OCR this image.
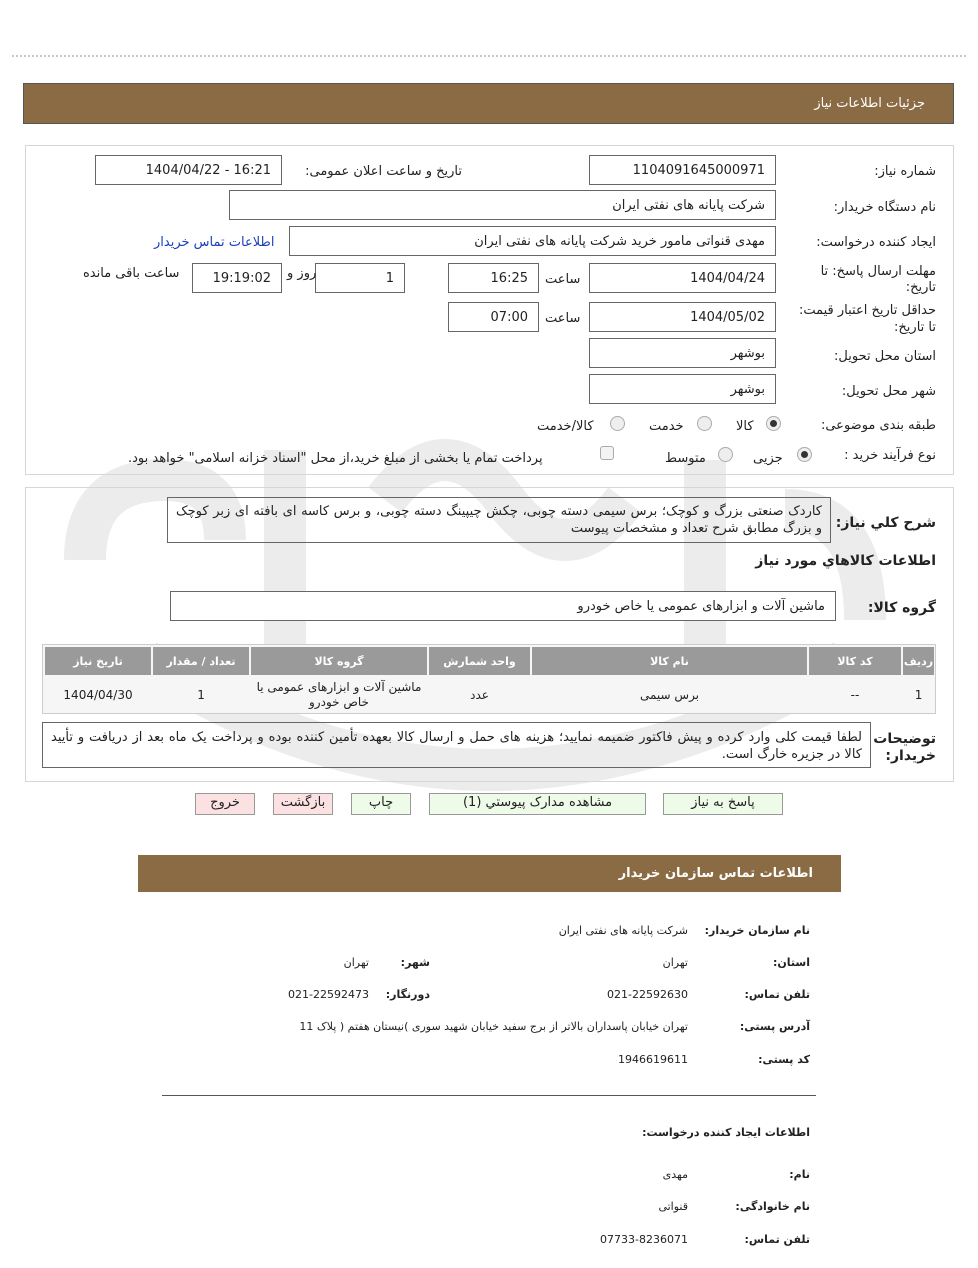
جزئیات اطلاعات نیاز
شماره نیاز:
1104091645000971
تاریخ و ساعت اعلان عمومی:
1404/04/22 - 16:21
نام دستگاه خریدار:
شرکت پایانه های نفتی ایران
ایجاد کننده درخواست:
مهدی قنواتی مامور خرید شرکت پایانه های نفتی ایران
اطلاعات تماس خریدار
مهلت ارسال پاسخ: تا
تاریخ:
1404/04/24
ساعت
16:25
1
روز و
19:19:02
ساعت باقی مانده
حداقل تاریخ اعتبار قیمت:
تا تاریخ:
1404/05/02
ساعت
07:00
استان محل تحویل:
بوشهر
شهر محل تحویل:
بوشهر
طبقه بندی موضوعی:
کالا
خدمت
کالا/خدمت
نوع فرآیند خرید :
جزیی
متوسط
پرداخت تمام یا بخشی از مبلغ خرید،از محل "اسناد خزانه اسلامی" خواهد بود.
شرح کلي نياز:
کاردک صنعتی بزرگ و کوچک؛ برس سیمی دسته چوبی، چکش چیپینگ دسته چوبی، و برس کاسه ای بافته ای زبر کوچک و بزرگ مطابق شرح تعداد و مشخصات پیوست
اطلاعات کالاهاي مورد نياز
گروه کالا:
ماشین آلات و ابزارهای عمومی یا خاص خودرو
رديف
کد کالا
نام کالا
واحد شمارش
گروه کالا
تعداد / مقدار
تاریخ نیاز
1
--
برس سیمی
عدد
ماشین آلات و ابزارهای عمومی یا خاص خودرو
1
1404/04/30
توضیحات
خریدار:
لطفا قیمت کلی وارد کرده و پیش فاکتور ضمیمه نمایید؛ هزینه های حمل و ارسال کالا بعهده تأمین کننده بوده و پرداخت یک ماه بعد از دریافت و تأیید کالا در جزیره خارگ است.
پاسخ به نیاز
مشاهده مدارک پیوستي (1)
چاپ
بازگشت
خروج
اطلاعات تماس سازمان خریدار
نام سازمان خریدار:
شرکت پایانه های نفتی ایران
استان:
تهران
شهر:
تهران
تلفن تماس:
021-22592630
دورنگار:
021-22592473
آدرس پستی:
تهران خیابان پاسداران بالاتر از برج سفید خیابان شهید سوری )نیستان هفتم ( پلاک 11
کد پستی:
1946619611
اطلاعات ایجاد کننده درخواست:
نام:
مهدی
نام خانوادگی:
قنواتی
تلفن تماس:
07733-8236071
